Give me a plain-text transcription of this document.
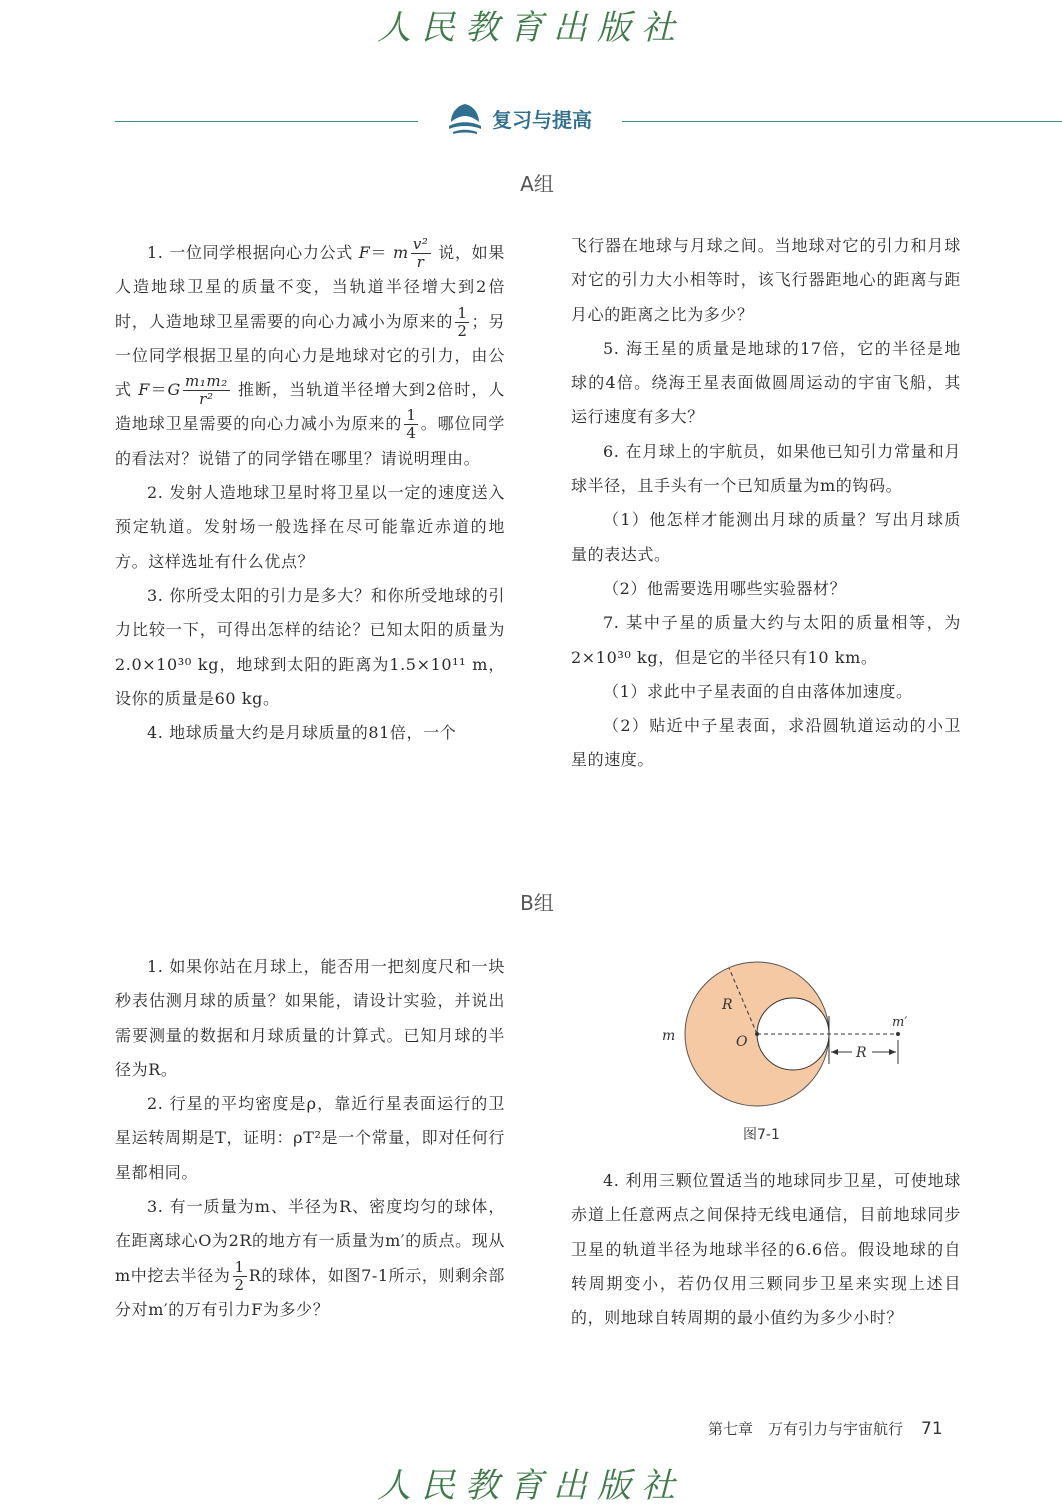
人民教育出版社
复习与提高
A组

1. 一位同学根据向心力公式 F＝ m $\frac{\text{v²}}{r}$ 说，如果人造地球卫星的质量不变，当轨道半径增大到2倍时，人造地球卫星需要的向心力减小为原来的 $\frac{1}{2}$ ；另一位同学根据卫星的向心力是地球对它的引力，由公式 $F=G \frac{\text{m₁m₂}}{\text{r²}}$ 推断，当轨道半径增大到2倍时，人造地球卫星需要的向心力减小为原来的 $\frac{1}{4}$ 。哪位同学的看法对？说错了的同学错在哪里？请说明理由。

2. 发射人造地球卫星时将卫星以一定的速度送入预定轨道。发射场一般选择在尽可能靠近赤道的地方。这样选址有什么优点？

3. 你所受太阳的引力是多大？和你所受地球的引力比较一下，可得出怎样的结论？已知太阳的质量为2.0×10³⁰ kg，地球到太阳的距离为1.5×10¹¹ m，设你的质量是60 kg。

4. 地球质量大约是月球质量的81倍，一个

飞行器在地球与月球之间。当地球对它的引力和月球对它的引力大小相等时，该飞行器距地心的距离与距月心的距离之比为多少？

5. 海王星的质量是地球的17倍，它的半径是地球的4倍。绕海王星表面做圆周运动的宇宙飞船，其运行速度有多大？

6. 在月球上的宇航员，如果他已知引力常量和月球半径，且手头有一个已知质量为m的钩码。

（1）他怎样才能测出月球的质量？写出月球质量的表达式。

（2）他需要选用哪些实验器材？

7. 某中子星的质量大约与太阳的质量相等，为2×10³⁰ kg，但是它的半径只有10 km。

（1）求此中子星表面的自由落体加速度。

（2）贴近中子星表面，求沿圆轨道运动的小卫星的速度。

B组

1. 如果你站在月球上，能否用一把刻度尺和一块秒表估测月球的质量？如果能，请设计实验，并说出需要测量的数据和月球质量的计算式。已知月球的半径为R。

2. 行星的平均密度是ρ，靠近行星表面运行的卫星运转周期是T，证明：ρT²是一个常量，即对任何行星都相同。

3. 有一质量为m、半径为R、密度均匀的球体，在距离球心O为2R的地方有一质量为m′的质点。现从m中挖去半径为 $\frac{1}{2}$ R的球体，如图7-1所示，则剩余部分对m′的万有引力F为多少？

R
O
m
m′
R
图7-1

4. 利用三颗位置适当的地球同步卫星，可使地球赤道上任意两点之间保持无线电通信，目前地球同步卫星的轨道半径为地球半径的6.6倍。假设地球的自转周期变小，若仍仅用三颗同步卫星来实现上述目的，则地球自转周期的最小值约为多少小时？

第七章　万有引力与宇宙航行 71
人民教育出版社
